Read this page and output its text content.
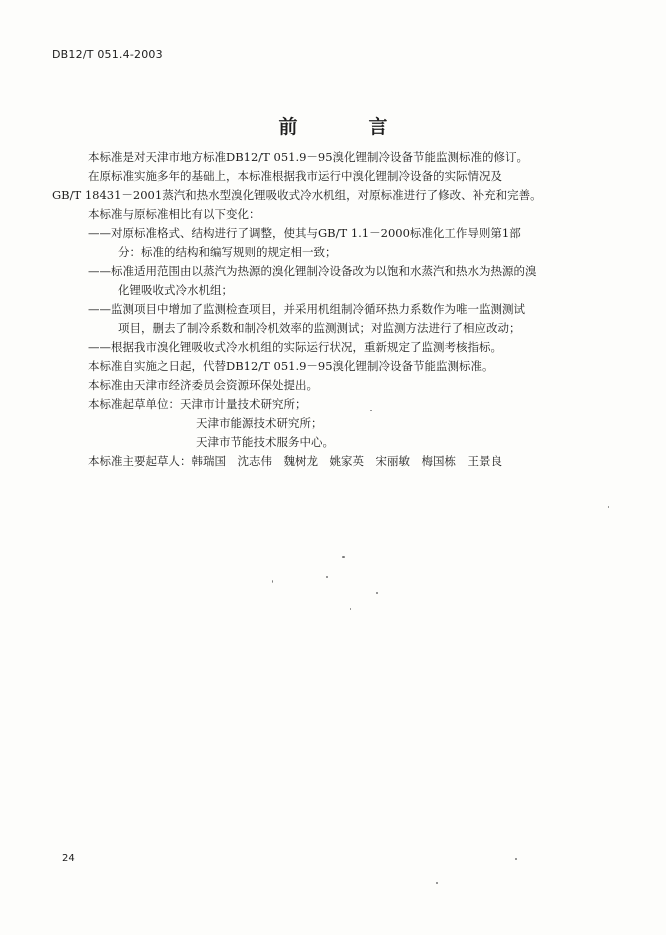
DB12/T 051.4-2003
前　言
本标准是对天津市地方标准DB12/T 051.9－95溴化锂制冷设备节能监测标准的修订。
在原标准实施多年的基础上，本标准根据我市运行中溴化锂制冷设备的实际情况及
GB/T 18431－2001蒸汽和热水型溴化锂吸收式冷水机组，对原标准进行了修改、补充和完善。
本标准与原标准相比有以下变化：
——对原标准格式、结构进行了调整，使其与GB/T 1.1－2000标准化工作导则第1部
分：标准的结构和编写规则的规定相一致；
——标准适用范围由以蒸汽为热源的溴化锂制冷设备改为以饱和水蒸汽和热水为热源的溴
化锂吸收式冷水机组；
——监测项目中增加了监测检查项目，并采用机组制冷循环热力系数作为唯一监测测试
项目，删去了制冷系数和制冷机效率的监测测试；对监测方法进行了相应改动；
——根据我市溴化锂吸收式冷水机组的实际运行状况，重新规定了监测考核指标。
本标准自实施之日起，代替DB12/T 051.9－95溴化锂制冷设备节能监测标准。
本标准由天津市经济委员会资源环保处提出。
本标准起草单位：天津市计量技术研究所；
天津市能源技术研究所；
天津市节能技术服务中心。
本标准主要起草人：韩瑞国　沈志伟　魏树龙　姚家英　宋丽敏　梅国栋　王景良
24
